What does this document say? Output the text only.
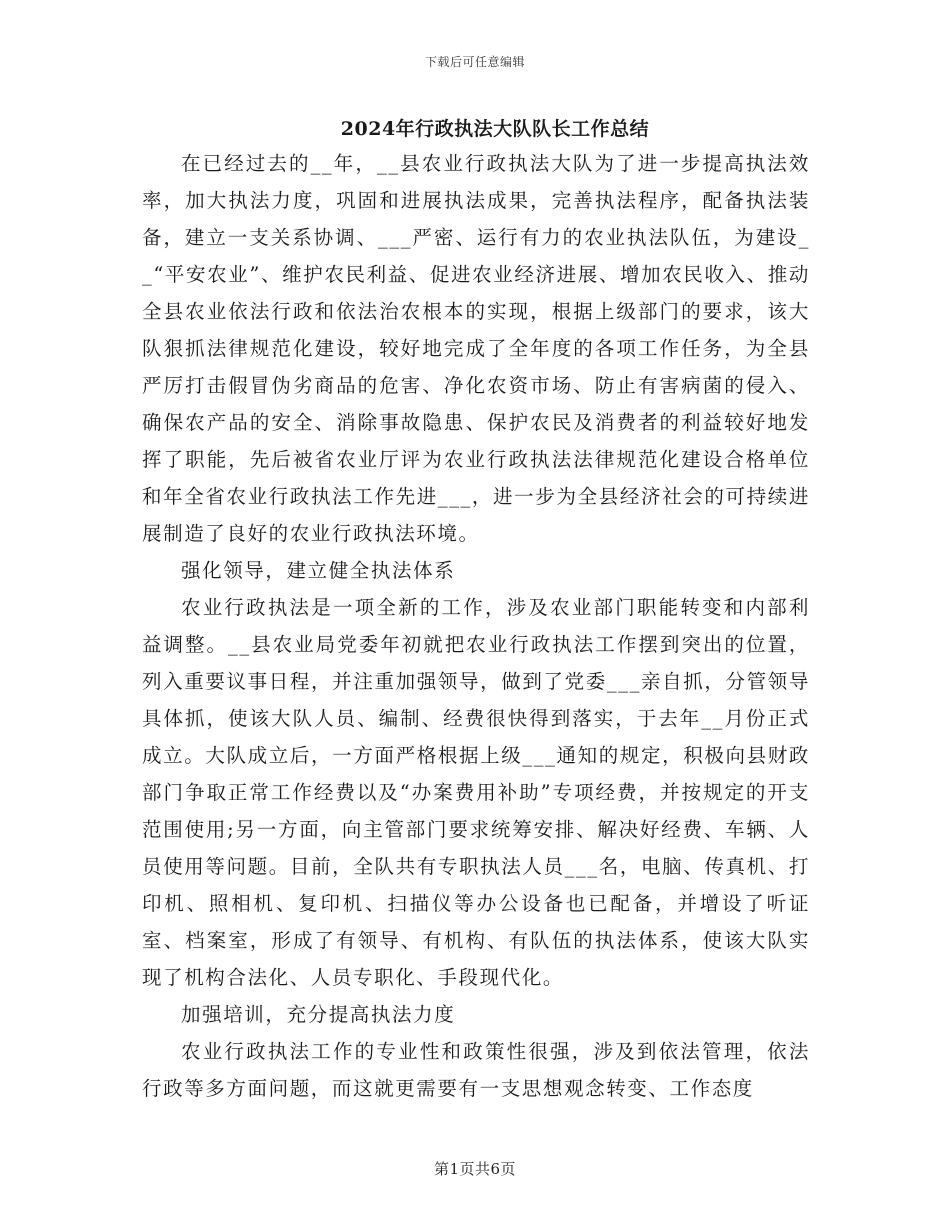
下载后可任意编辑
2024年行政执法大队队长工作总结

在已经过去的__年，__县农业行政执法大队为了进一步提高执法效率，加大执法力度，巩固和进展执法成果，完善执法程序，配备执法装备，建立一支关系协调、___严密、运行有力的农业执法队伍，为建设__“平安农业”、维护农民利益、促进农业经济进展、增加农民收入、推动全县农业依法行政和依法治农根本的实现，根据上级部门的要求，该大队狠抓法律规范化建设，较好地完成了全年度的各项工作任务，为全县严厉打击假冒伪劣商品的危害、净化农资市场、防止有害病菌的侵入、确保农产品的安全、消除事故隐患、保护农民及消费者的利益较好地发挥了职能，先后被省农业厅评为农业行政执法法律规范化建设合格单位和年全省农业行政执法工作先进___，进一步为全县经济社会的可持续进展制造了良好的农业行政执法环境。

强化领导，建立健全执法体系

农业行政执法是一项全新的工作，涉及农业部门职能转变和内部利益调整。__县农业局党委年初就把农业行政执法工作摆到突出的位置，列入重要议事日程，并注重加强领导，做到了党委___亲自抓，分管领导具体抓，使该大队人员、编制、经费很快得到落实，于去年__月份正式成立。大队成立后，一方面严格根据上级___通知的规定，积极向县财政部门争取正常工作经费以及“办案费用补助”专项经费，并按规定的开支范围使用;另一方面，向主管部门要求统筹安排、解决好经费、车辆、人员使用等问题。目前，全队共有专职执法人员___名，电脑、传真机、打印机、照相机、复印机、扫描仪等办公设备也已配备，并增设了听证室、档案室，形成了有领导、有机构、有队伍的执法体系，使该大队实现了机构合法化、人员专职化、手段现代化。

加强培训，充分提高执法力度

农业行政执法工作的专业性和政策性很强，涉及到依法管理，依法行政等多方面问题，而这就更需要有一支思想观念转变、工作态度

第1页共6页
